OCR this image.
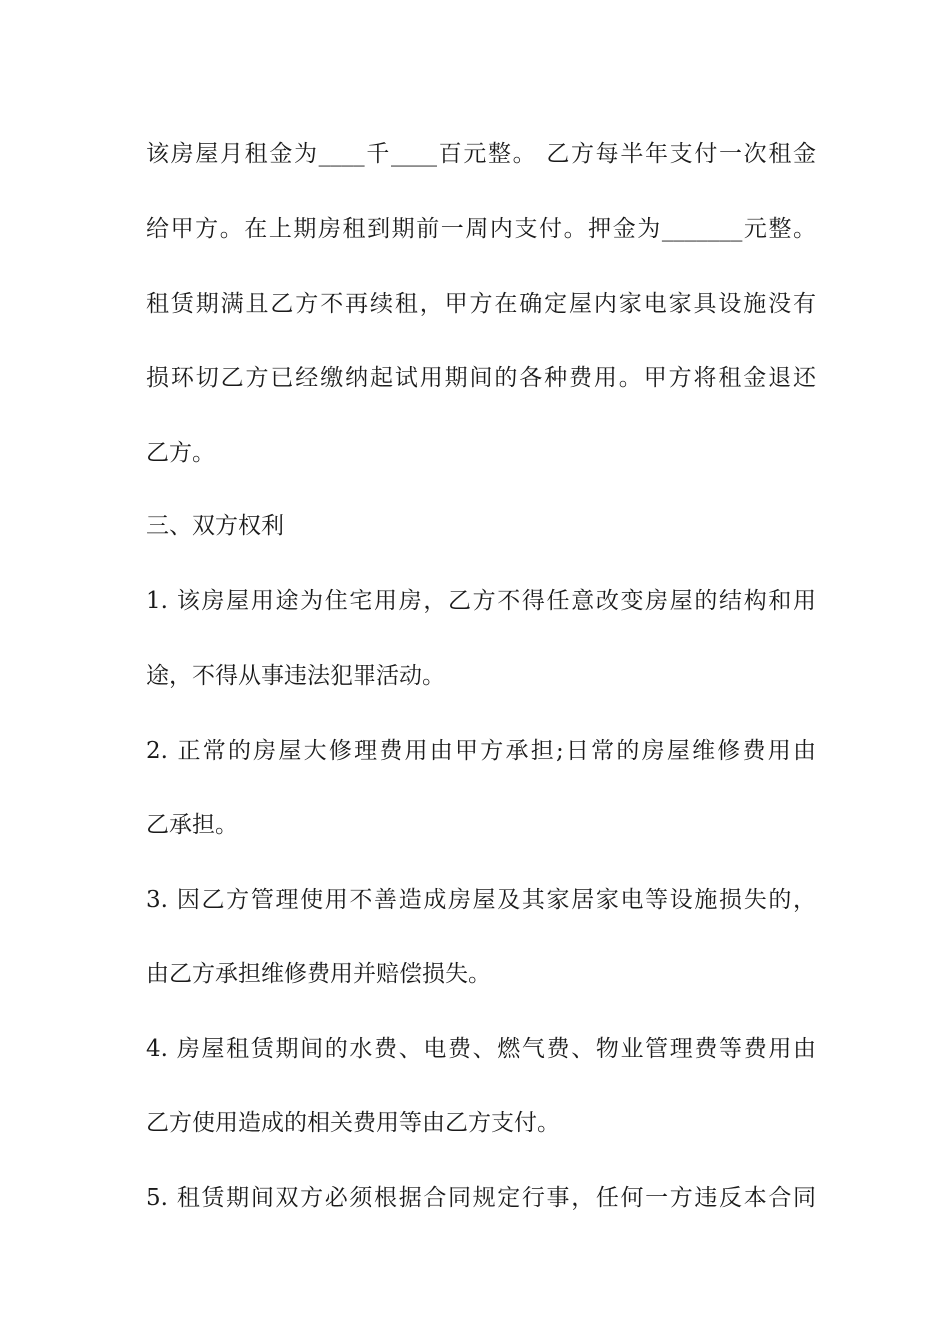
该房屋月租金为____千____百元整。 乙方每半年支付一次租金
给甲方。在上期房租到期前一周内支付。押金为_______元整。
租赁期满且乙方不再续租，甲方在确定屋内家电家具设施没有
损环切乙方已经缴纳起试用期间的各种费用。甲方将租金退还
乙方。
三、双方权利
1. 该房屋用途为住宅用房，乙方不得任意改变房屋的结构和用
途，不得从事违法犯罪活动。
2. 正常的房屋大修理费用由甲方承担;日常的房屋维修费用由
乙承担。
3. 因乙方管理使用不善造成房屋及其家居家电等设施损失的，
由乙方承担维修费用并赔偿损失。
4. 房屋租赁期间的水费、电费、燃气费、物业管理费等费用由
乙方使用造成的相关费用等由乙方支付。
5. 租赁期间双方必须根据合同规定行事，任何一方违反本合同
